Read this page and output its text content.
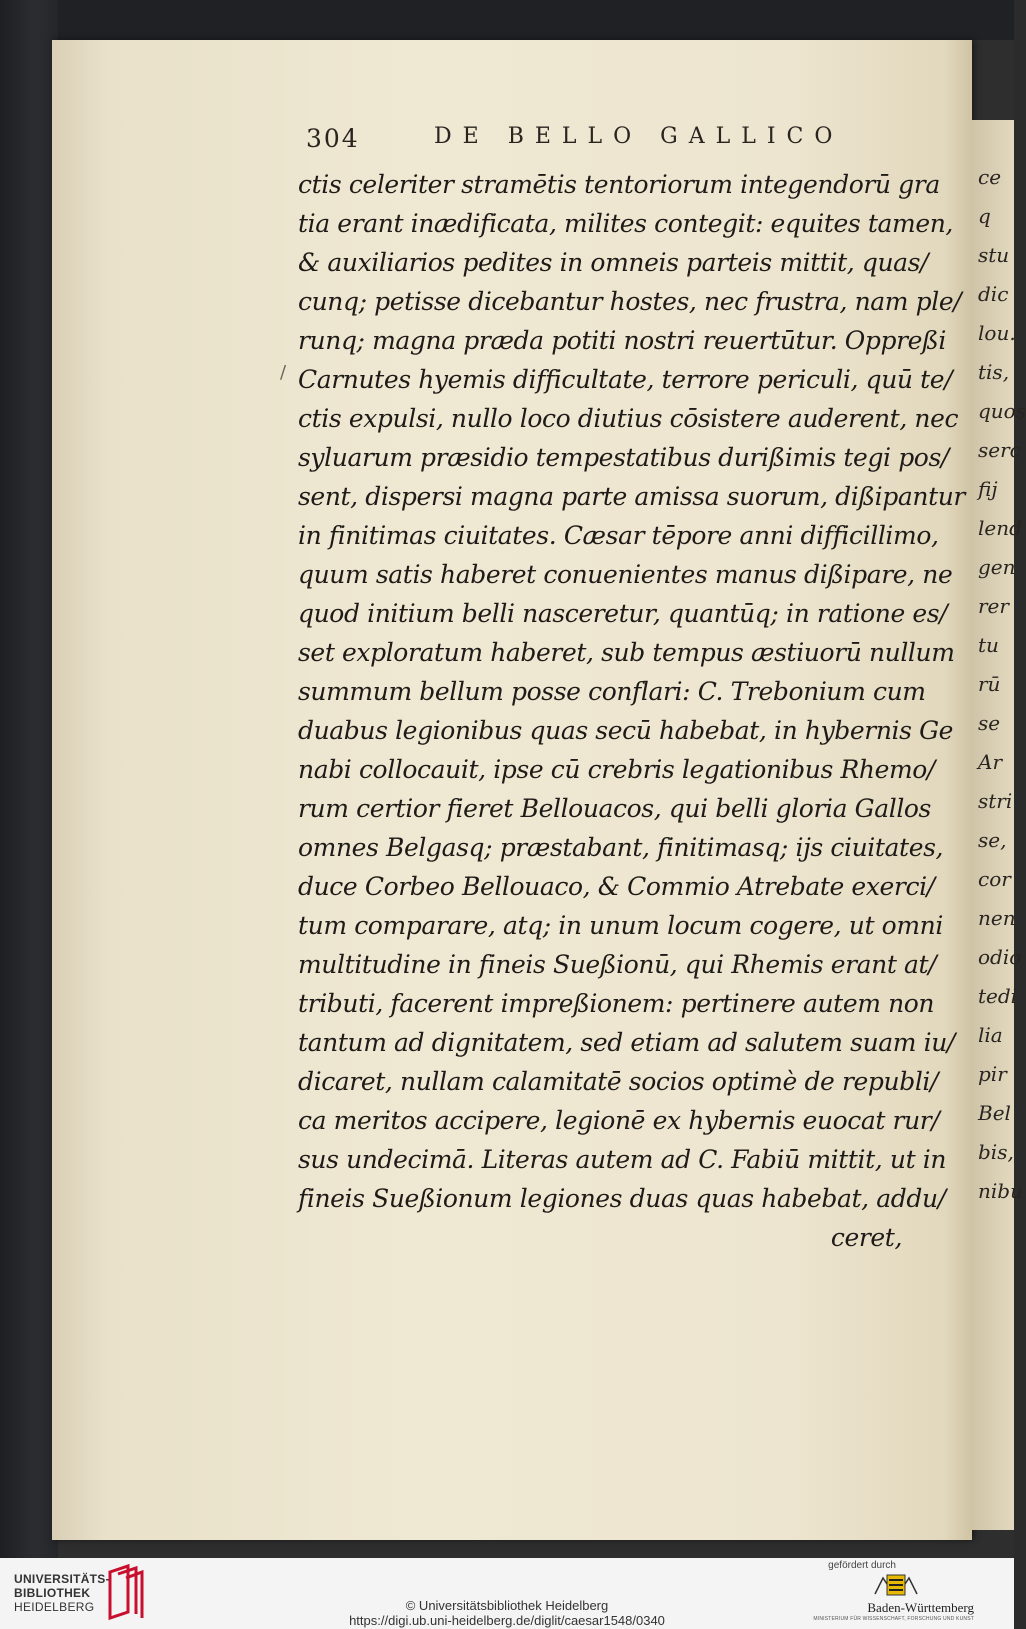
ce
q
stu
dic
lou.
tis,
quos
serc
fij
lend
gen
rer
tu
rū
se
Ar
stri
se,
cor
nen
odio
tedi
lia
pir
Bel
bis,
nibu
304	DE BELLO GALLICO
/
ctis celeriter stramētis tentoriorum integendorū gra
tia erant inædificata, milites contegit: equites tamen,
& auxiliarios pedites in omneis parteis mittit, quas/
cunq; petisse dicebantur hostes, nec frustra, nam ple/
runq; magna præda potiti nostri reuertūtur. Oppreßi
Carnutes hyemis difficultate, terrore periculi, quū te/
ctis expulsi, nullo loco diutius cōsistere auderent, nec
syluarum præsidio tempestatibus durißimis tegi pos/
sent, dispersi magna parte amissa suorum, dißipantur
in finitimas ciuitates. Cæsar tēpore anni difficillimo,
quum satis haberet conuenientes manus dißipare, ne
quod initium belli nasceretur, quantūq; in ratione es/
set exploratum haberet, sub tempus æstiuorū nullum
summum bellum posse conflari: C. Trebonium cum
duabus legionibus quas secū habebat, in hybernis Ge
nabi collocauit, ipse cū crebris legationibus Rhemo/
rum certior fieret Bellouacos, qui belli gloria Gallos
omnes Belgasq; præstabant, finitimasq; ijs ciuitates,
duce Corbeo Bellouaco, & Commio Atrebate exerci/
tum comparare, atq; in unum locum cogere, ut omni
multitudine in fineis Sueßionū, qui Rhemis erant at/
tributi, facerent impreßionem: pertinere autem non
tantum ad dignitatem, sed etiam ad salutem suam iu/
dicaret, nullam calamitatē socios optimè de republi/
ca meritos accipere, legionē ex hybernis euocat rur/
sus undecimā. Literas autem ad C. Fabiū mittit, ut in
fineis Sueßionum legiones duas quas habebat, addu/
ceret,
UNIVERSITÄTS-
BIBLIOTHEK
HEIDELBERG	© Universitätsbibliothek Heidelberg
https://digi.ub.uni-heidelberg.de/diglit/caesar1548/0340
gefördert durch
Baden-Württemberg
MINISTERIUM FÜR WISSENSCHAFT, FORSCHUNG UND KUNST
